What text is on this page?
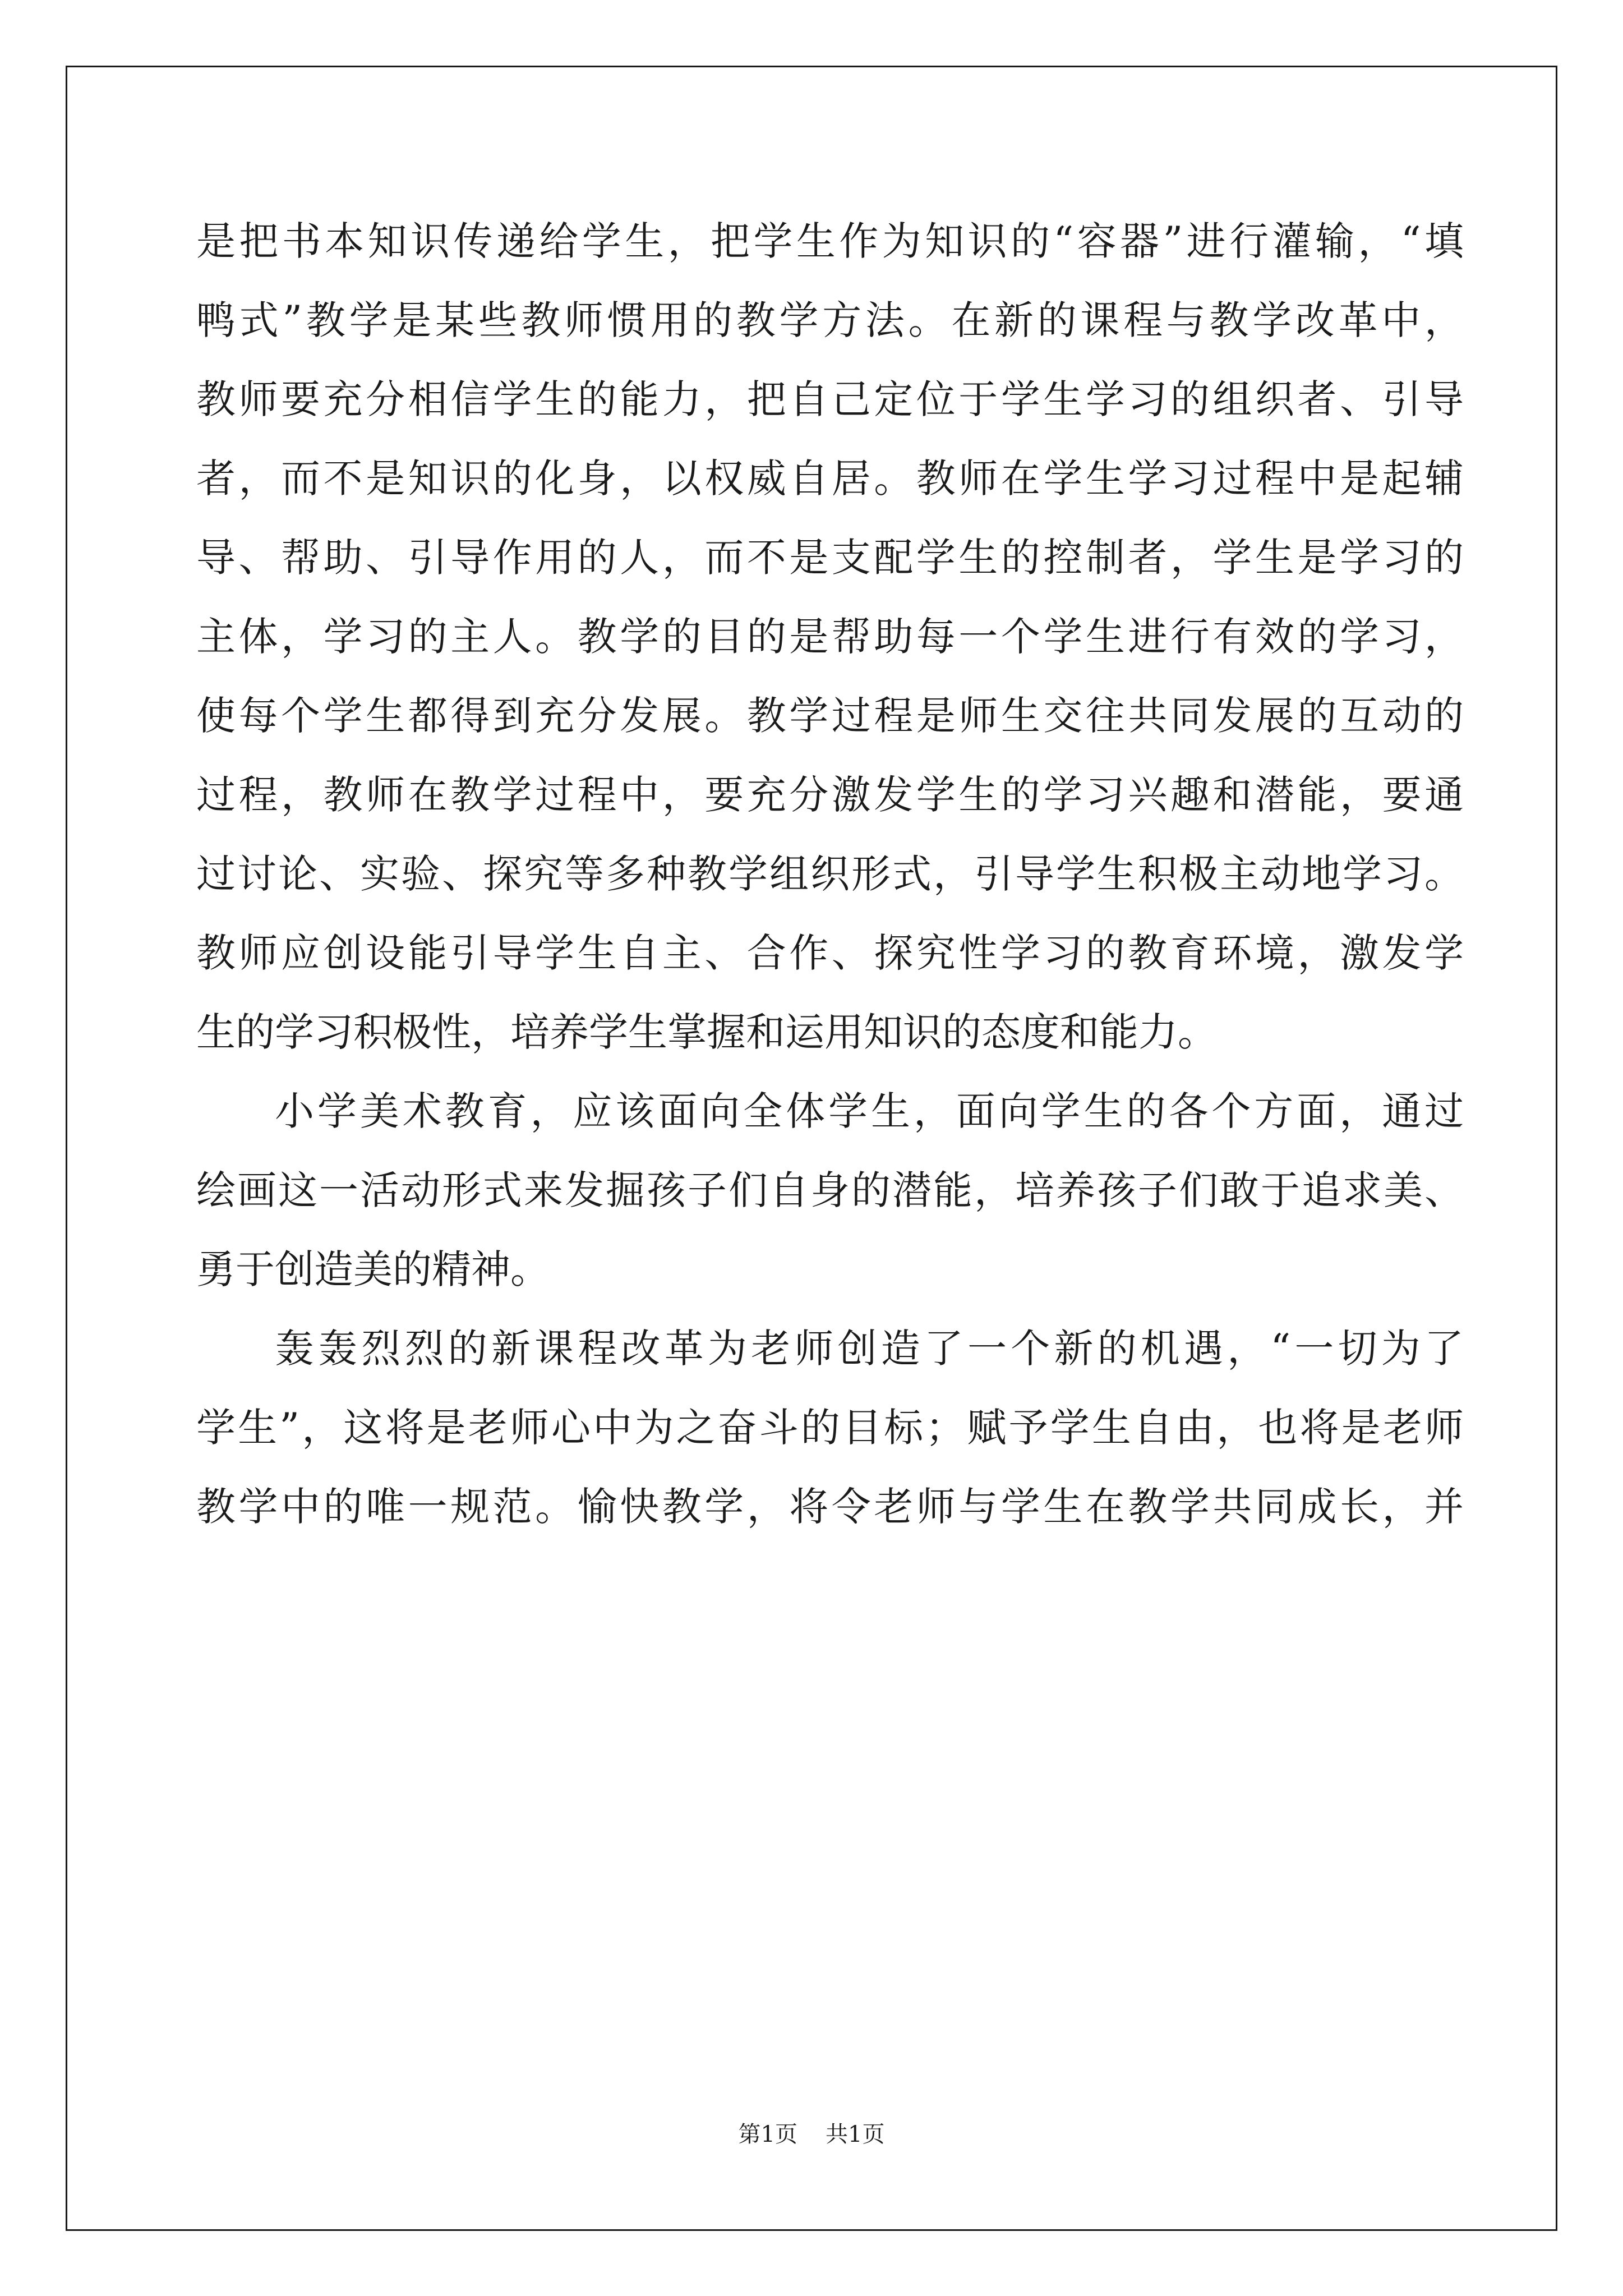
是把书本知识传递给学生，把学生作为知识的“容器”进行灌输，“填
鸭式”教学是某些教师惯用的教学方法。在新的课程与教学改革中，
教师要充分相信学生的能力，把自己定位于学生学习的组织者、引导
者，而不是知识的化身，以权威自居。教师在学生学习过程中是起辅
导、帮助、引导作用的人，而不是支配学生的控制者，学生是学习的
主体，学习的主人。教学的目的是帮助每一个学生进行有效的学习，
使每个学生都得到充分发展。教学过程是师生交往共同发展的互动的
过程，教师在教学过程中，要充分激发学生的学习兴趣和潜能，要通
过讨论、实验、探究等多种教学组织形式，引导学生积极主动地学习。
教师应创设能引导学生自主、合作、探究性学习的教育环境，激发学
生的学习积极性，培养学生掌握和运用知识的态度和能力。
小学美术教育，应该面向全体学生，面向学生的各个方面，通过
绘画这一活动形式来发掘孩子们自身的潜能，培养孩子们敢于追求美、
勇于创造美的精神。
轰轰烈烈的新课程改革为老师创造了一个新的机遇，“一切为了
学生”，这将是老师心中为之奋斗的目标；赋予学生自由，也将是老师
教学中的唯一规范。愉快教学，将令老师与学生在教学共同成长，并
第1页 共1页
